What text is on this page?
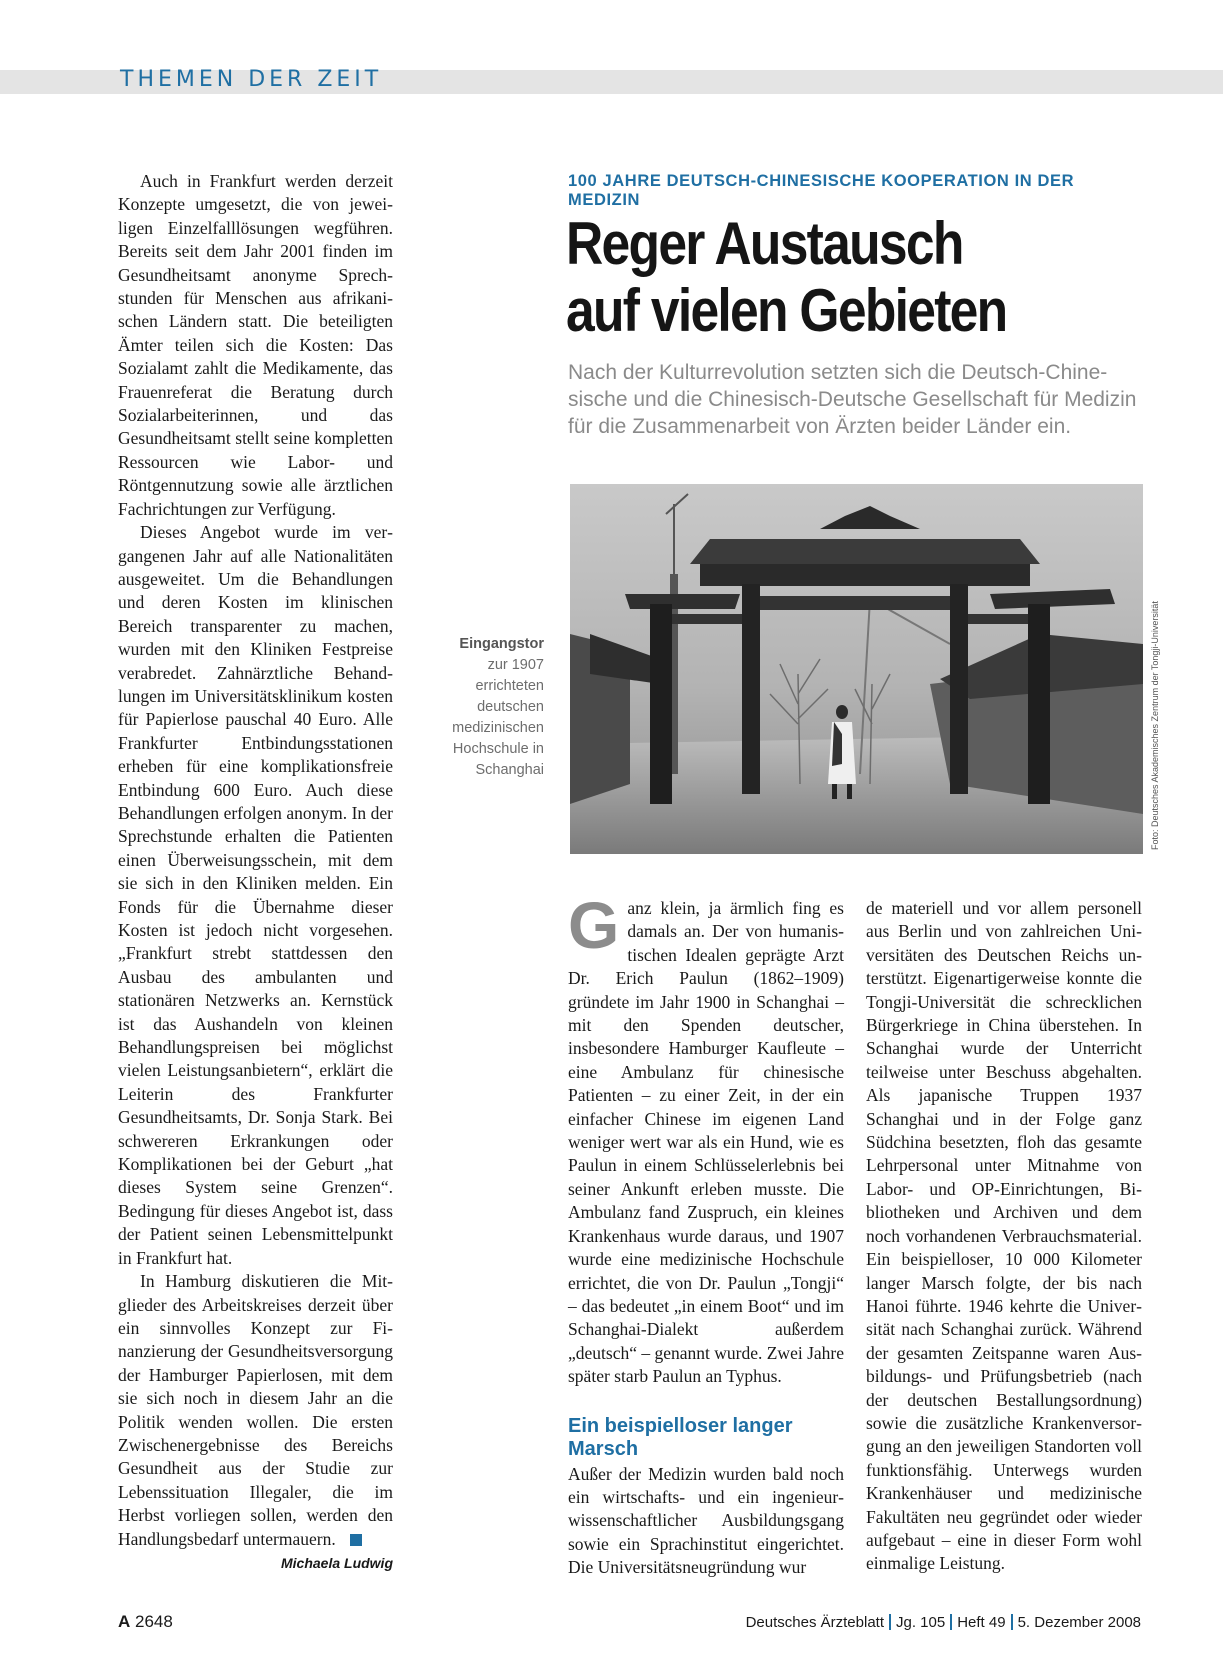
THEMEN DER ZEIT

Auch in Frankfurt werden derzeit Konzepte umgesetzt, die von jeweiligen Einzelfalllösungen wegführen. Bereits seit dem Jahr 2001 finden im Gesundheitsamt anonyme Sprechstunden für Menschen aus afrikanischen Ländern statt. Die beteiligten Ämter teilen sich die Kosten: Das Sozialamt zahlt die Medikamente, das Frauenreferat die Beratung durch Sozialarbeiterinnen, und das Gesundheitsamt stellt seine kompletten Ressourcen wie Labor- und Röntgennutzung sowie alle ärztlichen Fachrichtungen zur Verfügung.

Dieses Angebot wurde im vergangenen Jahr auf alle Nationalitäten ausgeweitet. Um die Behandlungen und deren Kosten im klinischen Bereich transparenter zu machen, wurden mit den Kliniken Festpreise verabredet. Zahnärztliche Behandlungen im Universitätsklinikum kosten für Papierlose pauschal 40 Euro. Alle Frankfurter Entbindungsstationen erheben für eine komplikationsfreie Entbindung 600 Euro. Auch diese Behandlungen erfolgen anonym. In der Sprechstunde erhalten die Patienten einen Überweisungsschein, mit dem sie sich in den Kliniken melden. Ein Fonds für die Übernahme dieser Kosten ist jedoch nicht vorgesehen. „Frankfurt strebt stattdessen den Ausbau des ambulanten und stationären Netzwerks an. Kernstück ist das Aushandeln von kleinen Behandlungspreisen bei möglichst vielen Leistungsanbietern“, erklärt die Leiterin des Frankfurter Gesundheitsamts, Dr. Sonja Stark. Bei schwereren Erkrankungen oder Komplikationen bei der Geburt „hat dieses System seine Grenzen“. Bedingung für dieses Angebot ist, dass der Patient seinen Lebensmittelpunkt in Frankfurt hat.

In Hamburg diskutieren die Mitglieder des Arbeitskreises derzeit über ein sinnvolles Konzept zur Finanzierung der Gesundheitsversorgung der Hamburger Papierlosen, mit dem sie sich noch in diesem Jahr an die Politik wenden wollen. Die ersten Zwischenergebnisse des Bereichs Gesundheit aus der Studie zur Lebenssituation Illegaler, die im Herbst vorliegen sollen, werden den Handlungsbedarf untermauern.

Michaela Ludwig

100 JAHRE DEUTSCH-CHINESISCHE KOOPERATION IN DER MEDIZIN
Reger Austausch
auf vielen Gebieten

Nach der Kulturrevolution setzten sich die Deutsch-Chinesische und die Chinesisch-Deutsche Gesellschaft für Medizin für die Zusammenarbeit von Ärzten beider Länder ein.

Eingangstor
zur 1907 errichteten deutschen medizinischen Hochschule in Schanghai	Foto: Deutsches Akademisches Zentrum der Tongji-Universität

Ganz klein, ja ärmlich fing es damals an. Der von humanistischen Idealen geprägte Arzt Dr. Erich Paulun (1862–1909) gründete im Jahr 1900 in Schanghai – mit den Spenden deutscher, insbesondere Hamburger Kaufleute – eine Ambulanz für chinesische Patienten – zu einer Zeit, in der ein einfacher Chinese im eigenen Land weniger wert war als ein Hund, wie es Paulun in einem Schlüsselerlebnis bei seiner Ankunft erleben musste. Die Ambulanz fand Zuspruch, ein kleines Krankenhaus wurde daraus, und 1907 wurde eine medizinische Hochschule errichtet, die von Dr. Paulun „Tongji“ – das bedeutet „in einem Boot“ und im Schanghai-Dialekt außerdem „deutsch“ – genannt wurde. Zwei Jahre später starb Paulun an Typhus.

Ein beispielloser langer Marsch

Außer der Medizin wurden bald noch ein wirtschafts- und ein ingenieurwissenschaftlicher Ausbildungsgang sowie ein Sprachinstitut eingerichtet. Die Universitätsneugründung wur

de materiell und vor allem personell aus Berlin und von zahlreichen Universitäten des Deutschen Reichs unterstützt. Eigenartigerweise konnte die Tongji-Universität die schrecklichen Bürgerkriege in China überstehen. In Schanghai wurde der Unterricht teilweise unter Beschuss abgehalten. Als japanische Truppen 1937 Schanghai und in der Folge ganz Südchina besetzten, floh das gesamte Lehrpersonal unter Mitnahme von Labor- und OP-Einrichtungen, Bibliotheken und Archiven und dem noch vorhandenen Verbrauchsmaterial. Ein beispielloser, 10 000 Kilometer langer Marsch folgte, der bis nach Hanoi führte. 1946 kehrte die Universität nach Schanghai zurück. Während der gesamten Zeitspanne waren Ausbildungs- und Prüfungsbetrieb (nach der deutschen Bestallungsordnung) sowie die zusätzliche Krankenversorgung an den jeweiligen Standorten voll funktionsfähig. Unterwegs wurden Krankenhäuser und medizinische Fakultäten neu gegründet oder wieder aufgebaut – eine in dieser Form wohl einmalige Leistung.

A 2648	Deutsches Ärzteblatt Jg. 105 Heft 49 5. Dezember 2008
